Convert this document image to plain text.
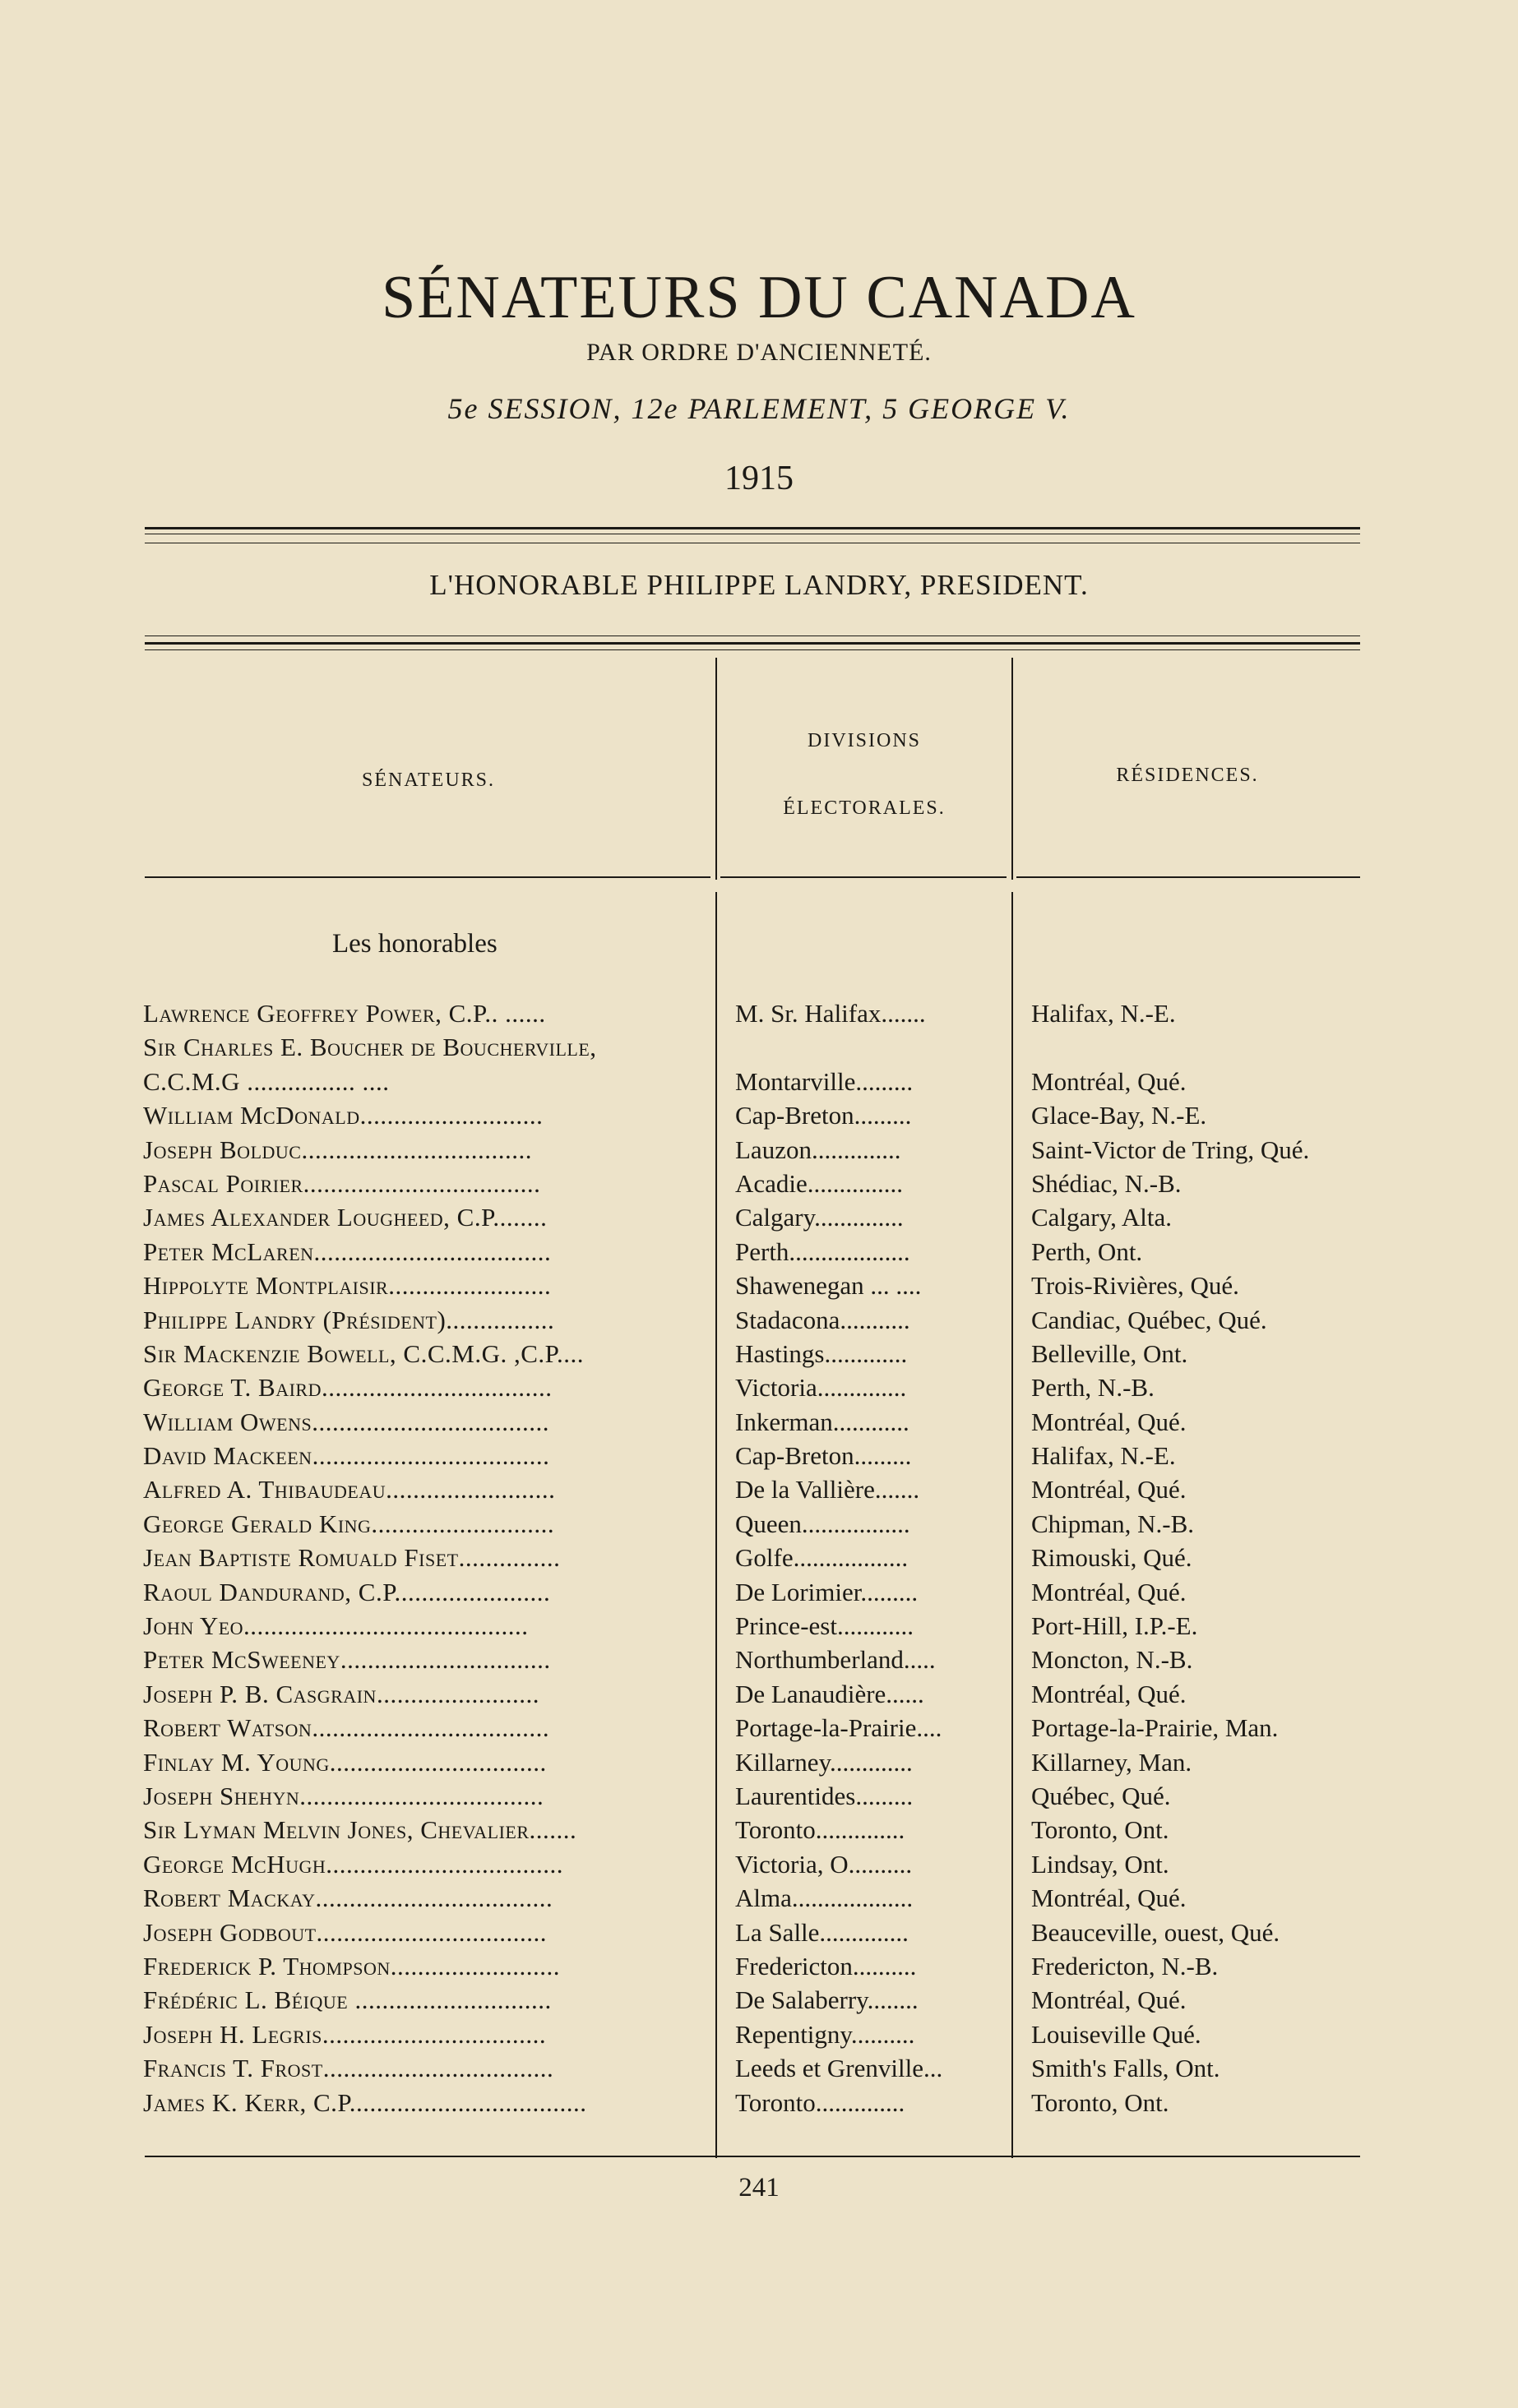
SÉNATEURS DU CANADA
PAR ORDRE D'ANCIENNETÉ.
5e SESSION, 12e PARLEMENT, 5 GEORGE V.
1915
L'HONORABLE PHILIPPE LANDRY, PRESIDENT.
SÉNATEURS.
DIVISIONS
ÉLECTORALES.
RÉSIDENCES.
Les honorables
Lawrence Geoffrey Power, C.P.. ......	M. Sr. Halifax.......	Halifax, N.-E.
Sir Charles E. Boucher de Boucherville,
C.C.M.G ................ ....	Montarville.........	Montréal, Qué.
William McDonald...........................	Cap-Breton.........	Glace-Bay, N.-E.
Joseph Bolduc..................................	Lauzon..............	Saint-Victor de Tring, Qué.
Pascal Poirier...................................	Acadie...............	Shédiac, N.-B.
James Alexander Lougheed, C.P........	Calgary..............	Calgary, Alta.
Peter McLaren...................................	Perth...................	Perth, Ont.
Hippolyte Montplaisir........................	Shawenegan ... ....	Trois-Rivières, Qué.
Philippe Landry (Président)................	Stadacona...........	Candiac, Québec, Qué.
Sir Mackenzie Bowell, C.C.M.G. ,C.P....	Hastings.............	Belleville, Ont.
George T. Baird..................................	Victoria..............	Perth, N.-B.
William Owens...................................	Inkerman............	Montréal, Qué.
David Mackeen...................................	Cap-Breton.........	Halifax, N.-E.
Alfred A. Thibaudeau.........................	De la Vallière.......	Montréal, Qué.
George Gerald King...........................	Queen.................	Chipman, N.-B.
Jean Baptiste Romuald Fiset...............	Golfe..................	Rimouski, Qué.
Raoul Dandurand, C.P.......................	De Lorimier.........	Montréal, Qué.
John Yeo..........................................	Prince-est............	Port-Hill, I.P.-E.
Peter McSweeney...............................	Northumberland.....	Moncton, N.-B.
Joseph P. B. Casgrain........................	De Lanaudière......	Montréal, Qué.
Robert Watson...................................	Portage-la-Prairie....	Portage-la-Prairie, Man.
Finlay M. Young................................	Killarney.............	Killarney, Man.
Joseph Shehyn....................................	Laurentides.........	Québec, Qué.
Sir Lyman Melvin Jones, Chevalier.......	Toronto..............	Toronto, Ont.
George McHugh...................................	Victoria, O..........	Lindsay, Ont.
Robert Mackay...................................	Alma...................	Montréal, Qué.
Joseph Godbout..................................	La Salle..............	Beauceville, ouest, Qué.
Frederick P. Thompson.........................	Fredericton..........	Fredericton, N.-B.
Frédéric L. Béique .............................	De Salaberry........	Montréal, Qué.
Joseph H. Legris.................................	Repentigny..........	Louiseville Qué.
Francis T. Frost..................................	Leeds et Grenville...	Smith's Falls, Ont.
James K. Kerr, C.P...................................	Toronto..............	Toronto, Ont.
241
